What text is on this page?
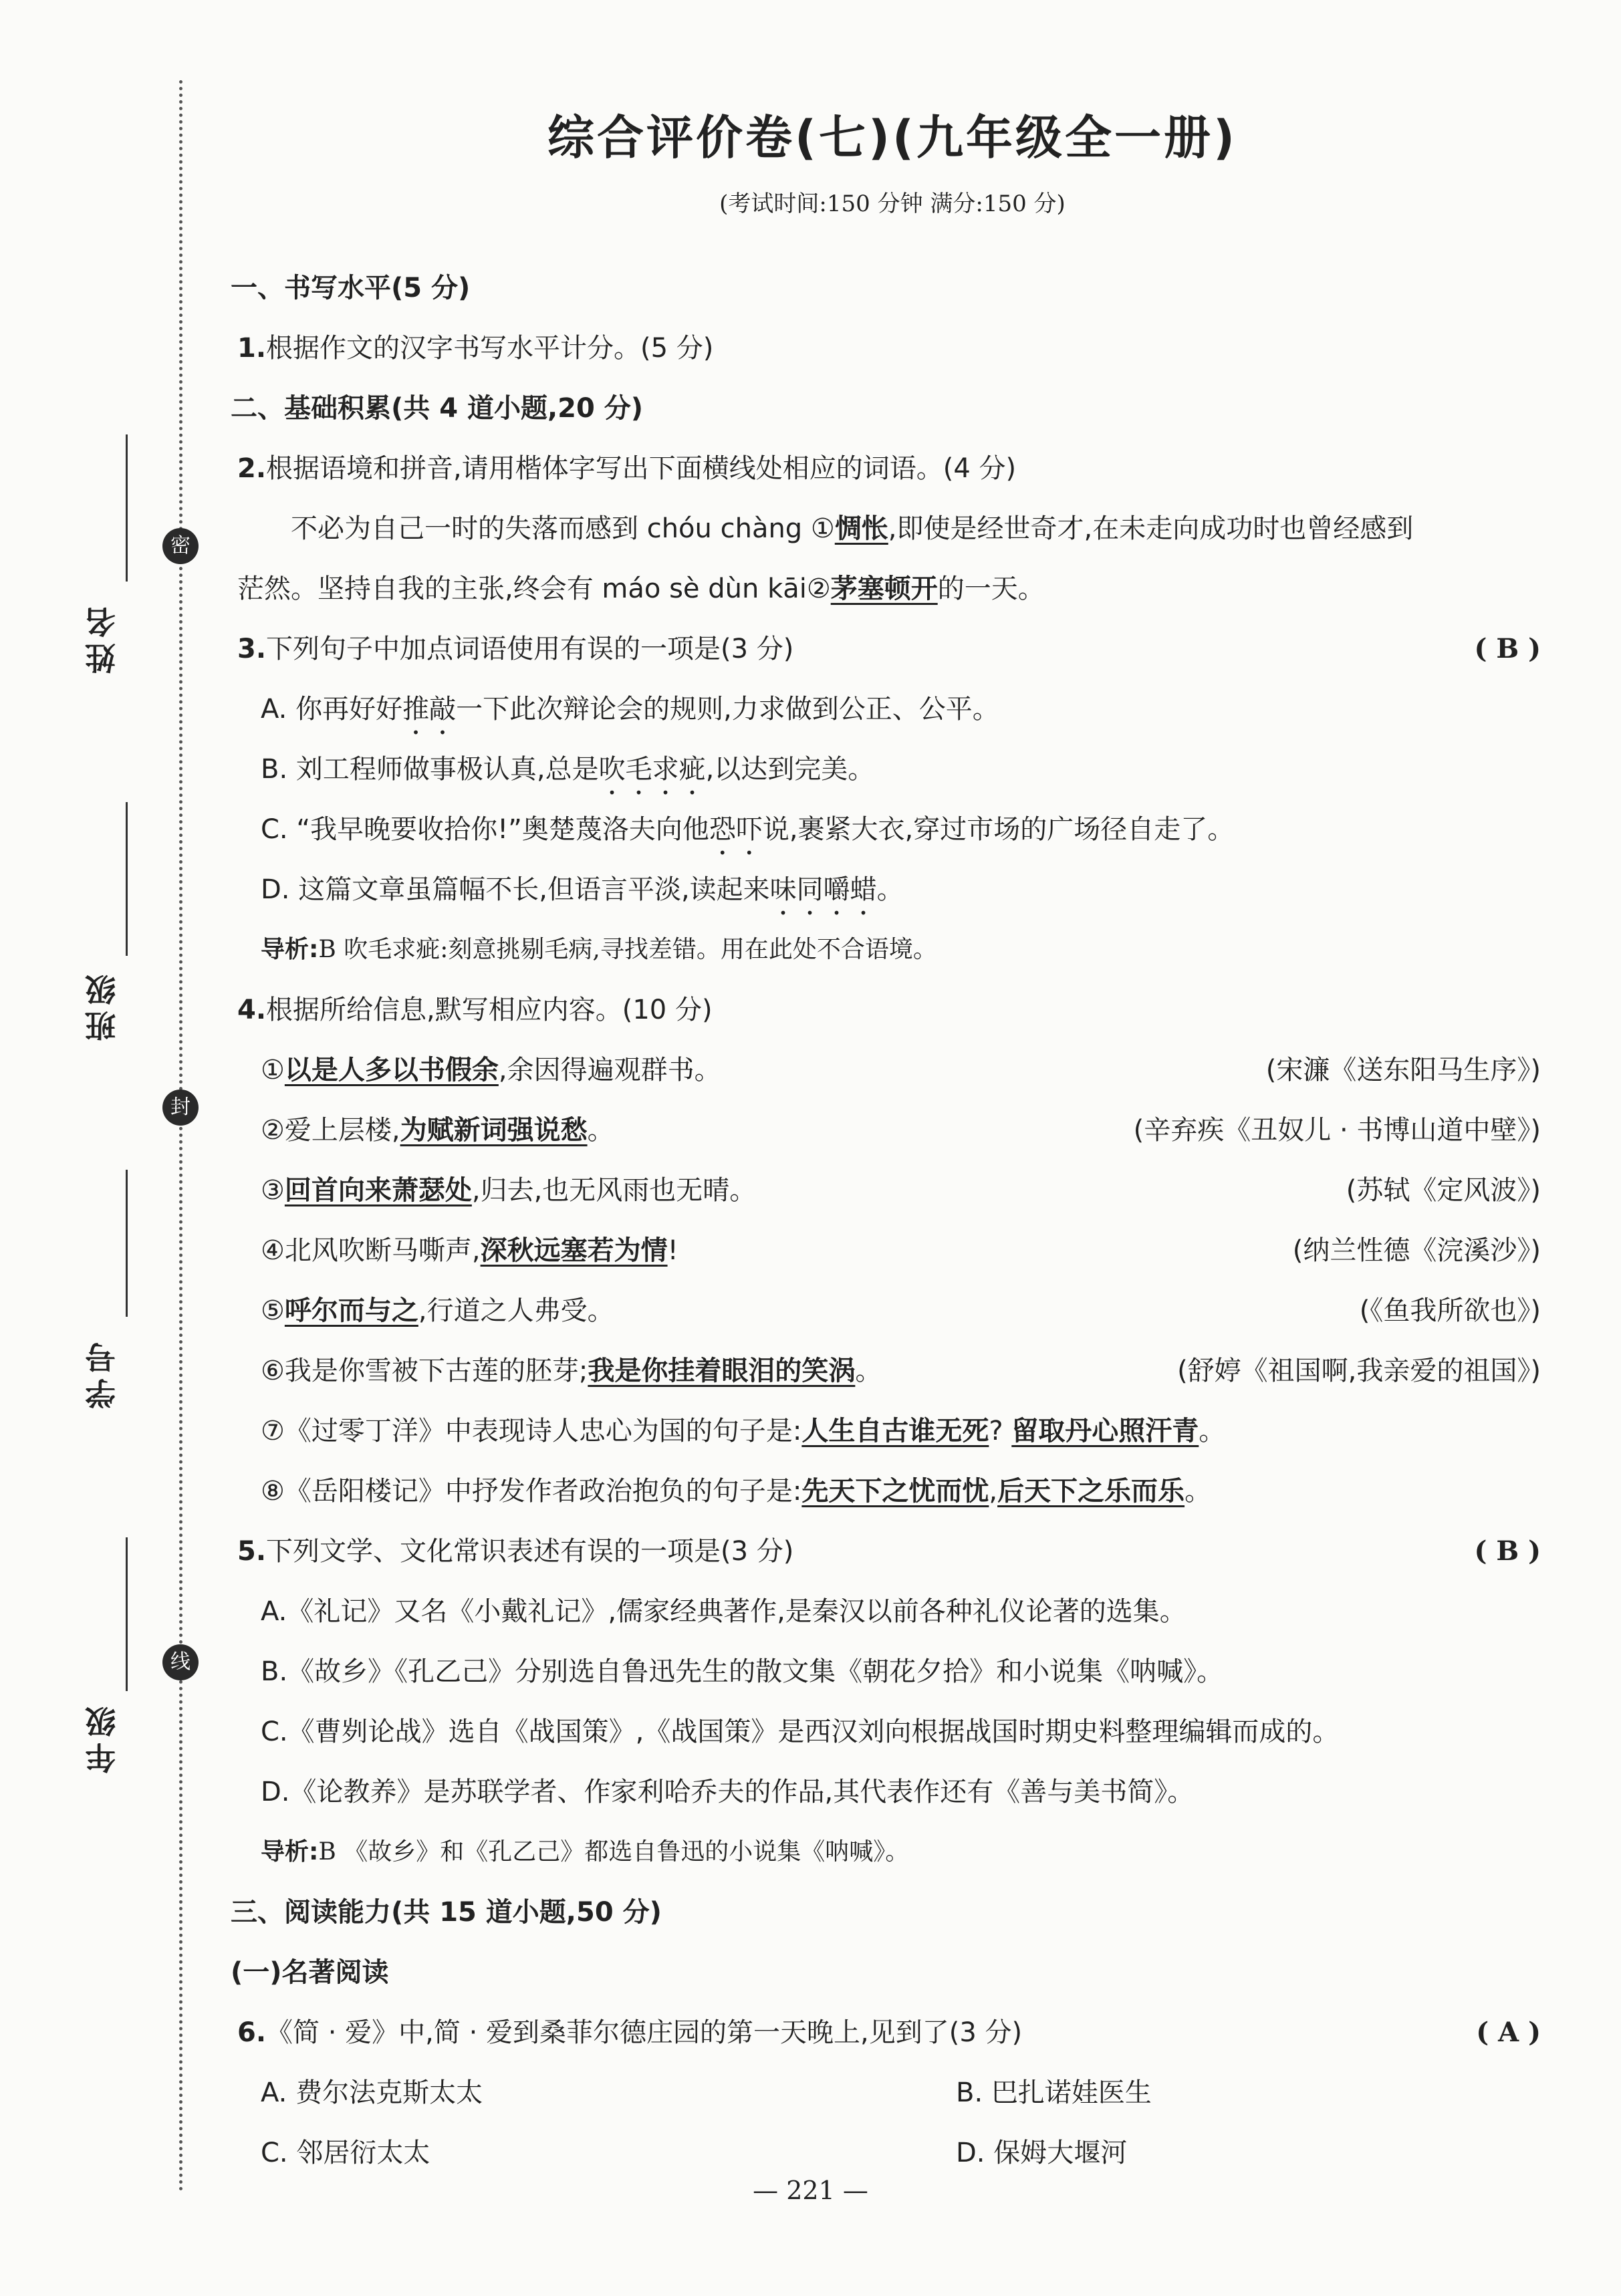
密
封
线
姓名
班级
学号
年级
综合评价卷(七)(九年级全一册)
(考试时间:150 分钟 满分:150 分)
一、书写水平(5 分)
1.根据作文的汉字书写水平计分。(5 分)
二、基础积累(共 4 道小题,20 分)
2.根据语境和拼音,请用楷体字写出下面横线处相应的词语。(4 分)
不必为自己一时的失落而感到 chóu chàng ①惆怅,即使是经世奇才,在未走向成功时也曾经感到
茫然。坚持自我的主张,终会有 máo sè dùn kāi②茅塞顿开的一天。
3.下列句子中加点词语使用有误的一项是(3 分)	( B )
A. 你再好好推敲一下此次辩论会的规则,力求做到公正、公平。
B. 刘工程师做事极认真,总是吹毛求疵,以达到完美。
C. “我早晚要收拾你!”奥楚蔑洛夫向他恐吓说,裹紧大衣,穿过市场的广场径自走了。
D. 这篇文章虽篇幅不长,但语言平淡,读起来味同嚼蜡。
导析:B 吹毛求疵:刻意挑剔毛病,寻找差错。用在此处不合语境。
4.根据所给信息,默写相应内容。(10 分)
①以是人多以书假余,余因得遍观群书。	(宋濂《送东阳马生序》)
②爱上层楼,为赋新词强说愁。	(辛弃疾《丑奴儿 · 书博山道中壁》)
③回首向来萧瑟处,归去,也无风雨也无晴。	(苏轼《定风波》)
④北风吹断马嘶声,深秋远塞若为情!	(纳兰性德《浣溪沙》)
⑤呼尔而与之,行道之人弗受。	(《鱼我所欲也》)
⑥我是你雪被下古莲的胚芽;我是你挂着眼泪的笑涡。	(舒婷《祖国啊,我亲爱的祖国》)
⑦《过零丁洋》中表现诗人忠心为国的句子是:人生自古谁无死? 留取丹心照汗青。
⑧《岳阳楼记》中抒发作者政治抱负的句子是:先天下之忧而忧,后天下之乐而乐。
5.下列文学、文化常识表述有误的一项是(3 分)	( B )
A.《礼记》又名《小戴礼记》,儒家经典著作,是秦汉以前各种礼仪论著的选集。
B.《故乡》《孔乙己》分别选自鲁迅先生的散文集《朝花夕拾》和小说集《呐喊》。
C.《曹刿论战》选自《战国策》,《战国策》是西汉刘向根据战国时期史料整理编辑而成的。
D.《论教养》是苏联学者、作家利哈乔夫的作品,其代表作还有《善与美书简》。
导析:B 《故乡》和《孔乙己》都选自鲁迅的小说集《呐喊》。
三、阅读能力(共 15 道小题,50 分)
(一)名著阅读
6.《简 · 爱》中,简 · 爱到桑菲尔德庄园的第一天晚上,见到了(3 分)	( A )
A. 费尔法克斯太太	B. 巴扎诺娃医生
C. 邻居衍太太	D. 保姆大堰河
— 221 —
